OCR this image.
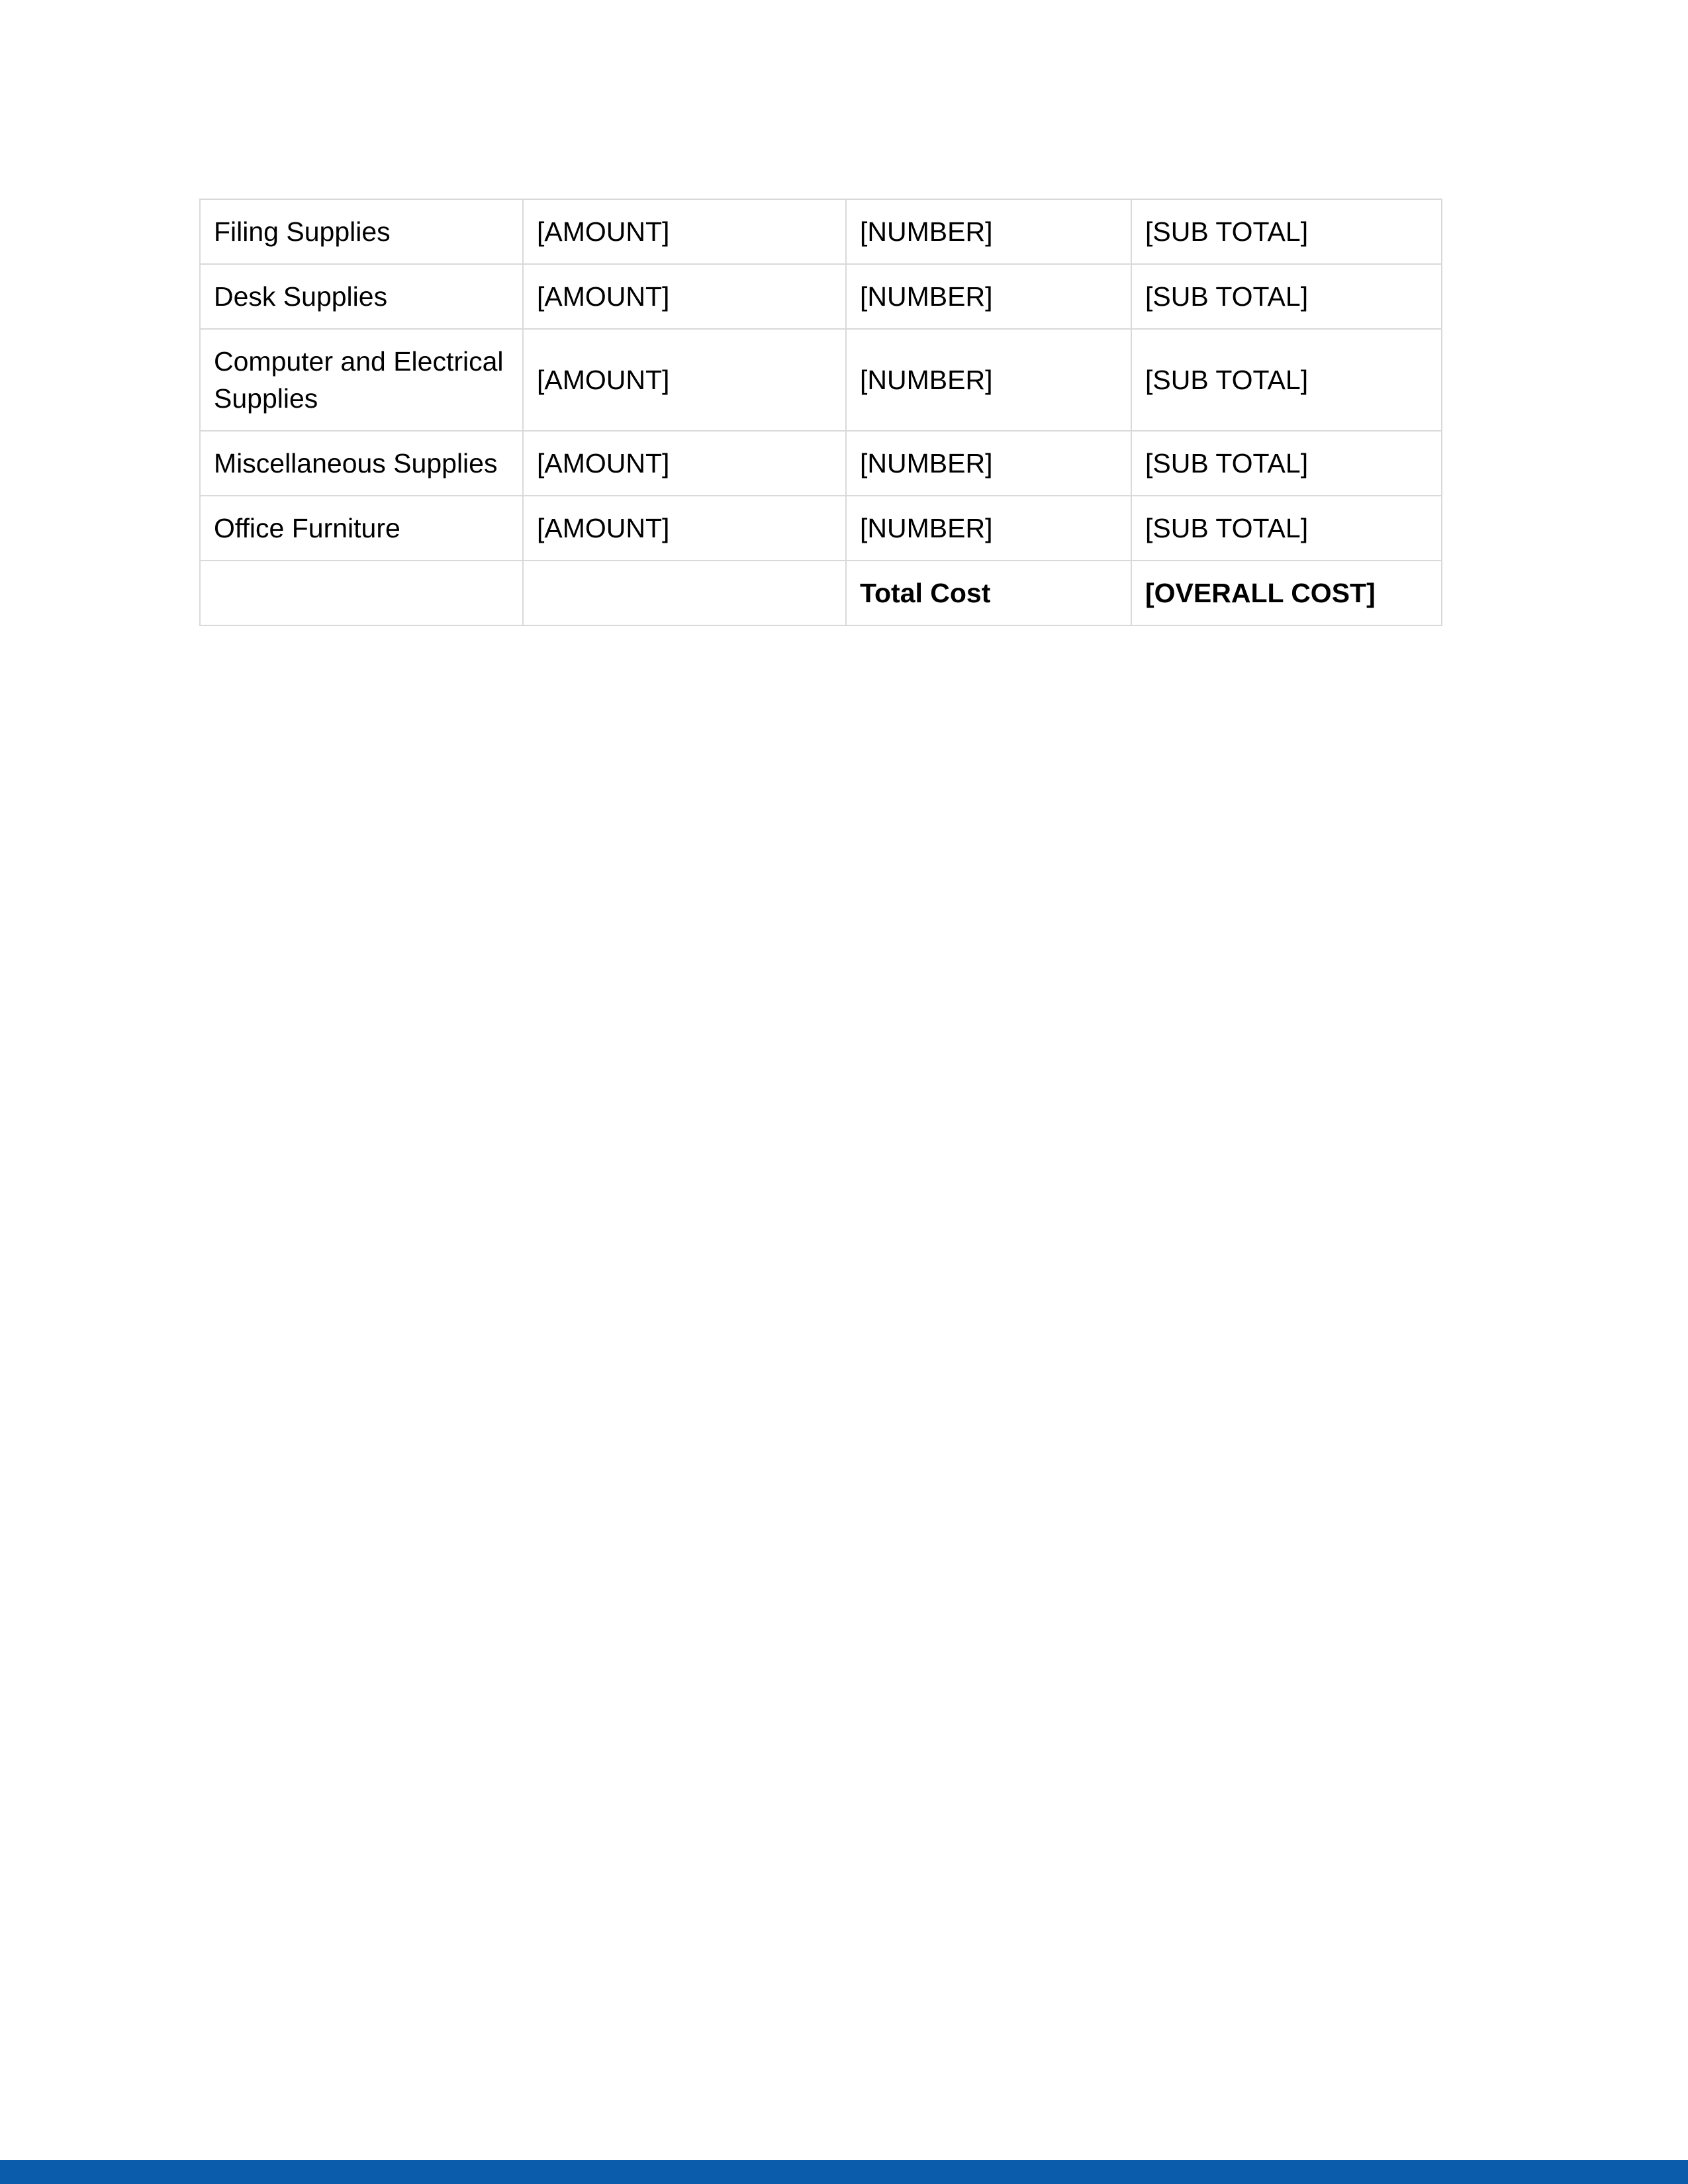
Filing Supplies	[AMOUNT]	[NUMBER]	[SUB TOTAL]
Desk Supplies	[AMOUNT]	[NUMBER]	[SUB TOTAL]
Computer and Electrical Supplies	[AMOUNT]	[NUMBER]	[SUB TOTAL]
Miscellaneous Supplies	[AMOUNT]	[NUMBER]	[SUB TOTAL]
Office Furniture	[AMOUNT]	[NUMBER]	[SUB TOTAL]
		Total Cost	[OVERALL COST]
